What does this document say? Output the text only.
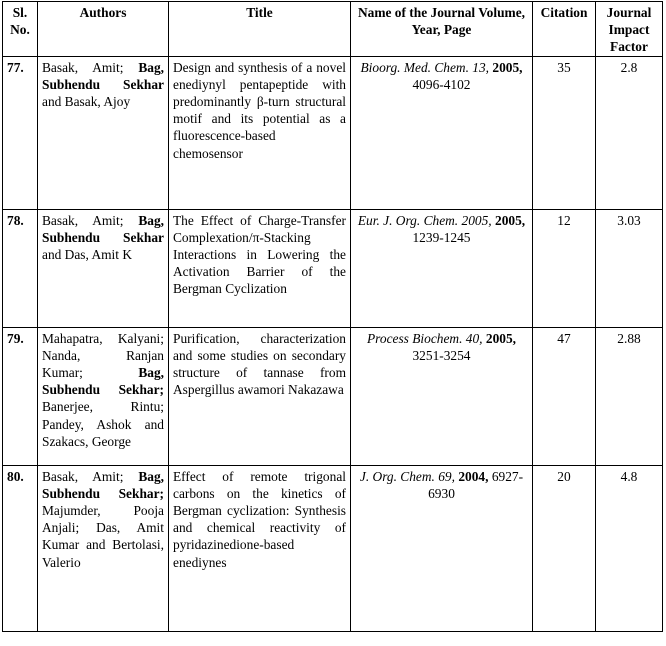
Sl. No.	Authors	Title	Name of the Journal Volume, Year, Page	Citation	Journal Impact Factor
77.	Basak, Amit; Bag, Subhendu Sekhar and Basak, Ajoy	Design and synthesis of a novel enediynyl pentapeptide with predominantly β-turn structural motif and its potential as a fluorescence-based chemosensor	Bioorg. Med. Chem. 13, 2005, 4096-4102	35	2.8
78.	Basak, Amit; Bag, Subhendu Sekhar and Das, Amit K	The Effect of Charge-Transfer Complexation/π-Stacking Interactions in Lowering the Activation Barrier of the Bergman Cyclization	Eur. J. Org. Chem. 2005, 2005, 1239-1245	12	3.03
79.	Mahapatra, Kalyani; Nanda, Ranjan Kumar; Bag, Subhendu Sekhar; Banerjee, Rintu; Pandey, Ashok and Szakacs, George	Purification, characterization and some studies on secondary structure of tannase from Aspergillus awamori Nakazawa	Process Biochem. 40, 2005, 3251-3254	47	2.88
80.	Basak, Amit; Bag, Subhendu Sekhar; Majumder, Pooja Anjali; Das, Amit Kumar and Bertolasi, Valerio	Effect of remote trigonal carbons on the kinetics of Bergman cyclization: Synthesis and chemical reactivity of pyridazinedione-based enediynes	J. Org. Chem. 69, 2004, 6927-6930	20	4.8
